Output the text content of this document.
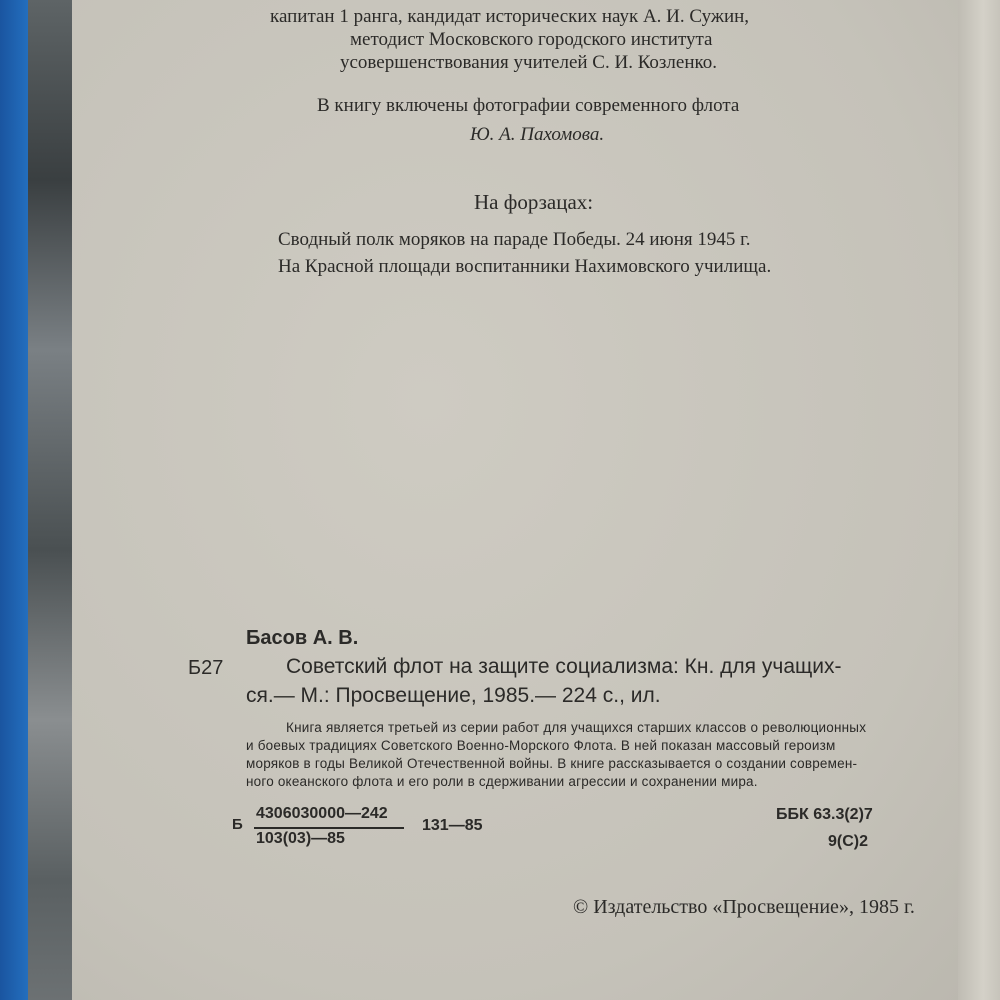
капитан 1 ранга, кандидат исторических наук А. И. Сужин,
методист Московского городского института
усовершенствования учителей С. И. Козленко.
В книгу включены фотографии современного флота
Ю. А. Пахомова.
На форзацах:
Сводный полк моряков на параде Победы. 24 июня 1945 г.
На Красной площади воспитанники Нахимовского училища.
Басов А. В.
Б27	Советский флот на защите социализма: Кн. для учащих-
ся.— М.: Просвещение, 1985.— 224 с., ил.
Книга является третьей из серии работ для учащихся старших классов о революционных
и боевых традициях Советского Военно-Морского Флота. В ней показан массовый героизм
моряков в годы Великой Отечественной войны. В книге рассказывается о создании современ-
ного океанского флота и его роли в сдерживании агрессии и сохранении мира.
Б
4306030000—242
103(03)—85
131—85
ББК 63.3(2)7
9(С)2
© Издательство «Просвещение», 1985 г.
